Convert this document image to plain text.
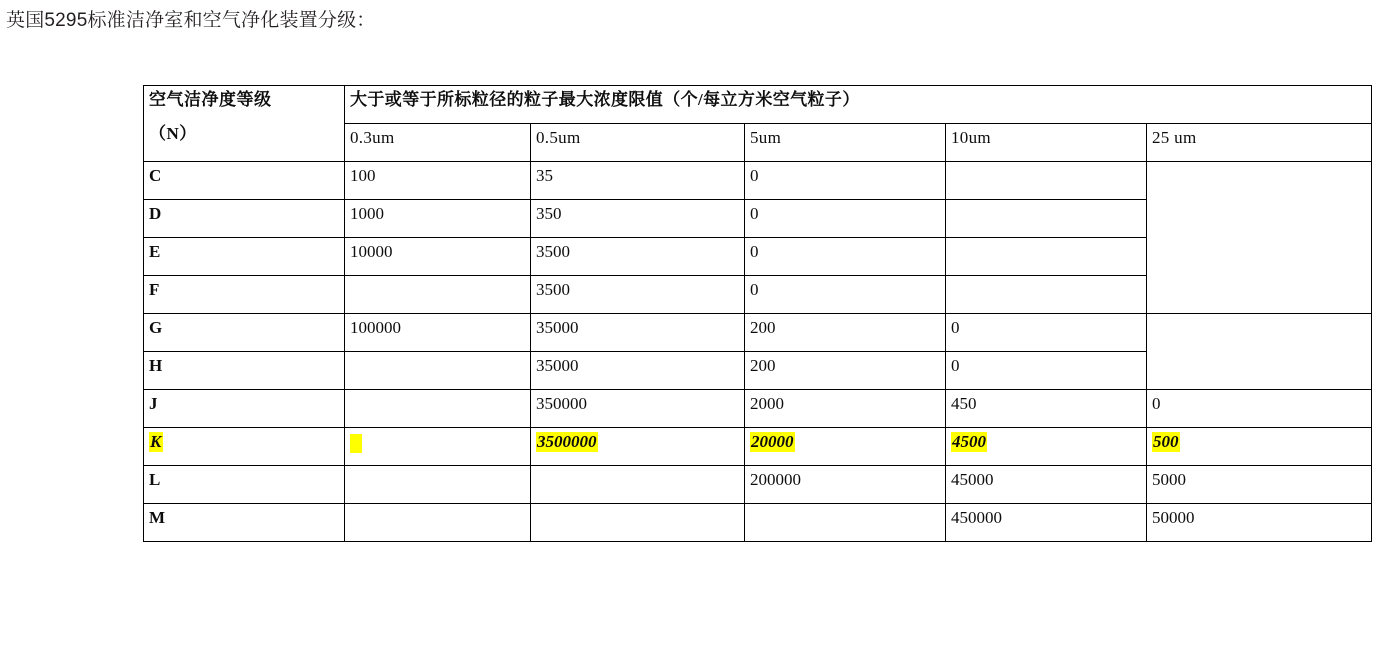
英国5295标准洁净室和空气净化装置分级：
空气洁净度等级
（N）	大于或等于所标粒径的粒子最大浓度限值（个/每立方米空气粒子）				
	0.3um	0.5um	5um	10um	25 um
C	100	35	0		
D	1000	350	0		
E	10000	3500	0		
F		3500	0		
G	100000	35000	200	0	
H		35000	200	0	
J		350000	2000	450	0
K		3500000	20000	4500	500
L			200000	45000	5000
M				450000	50000
